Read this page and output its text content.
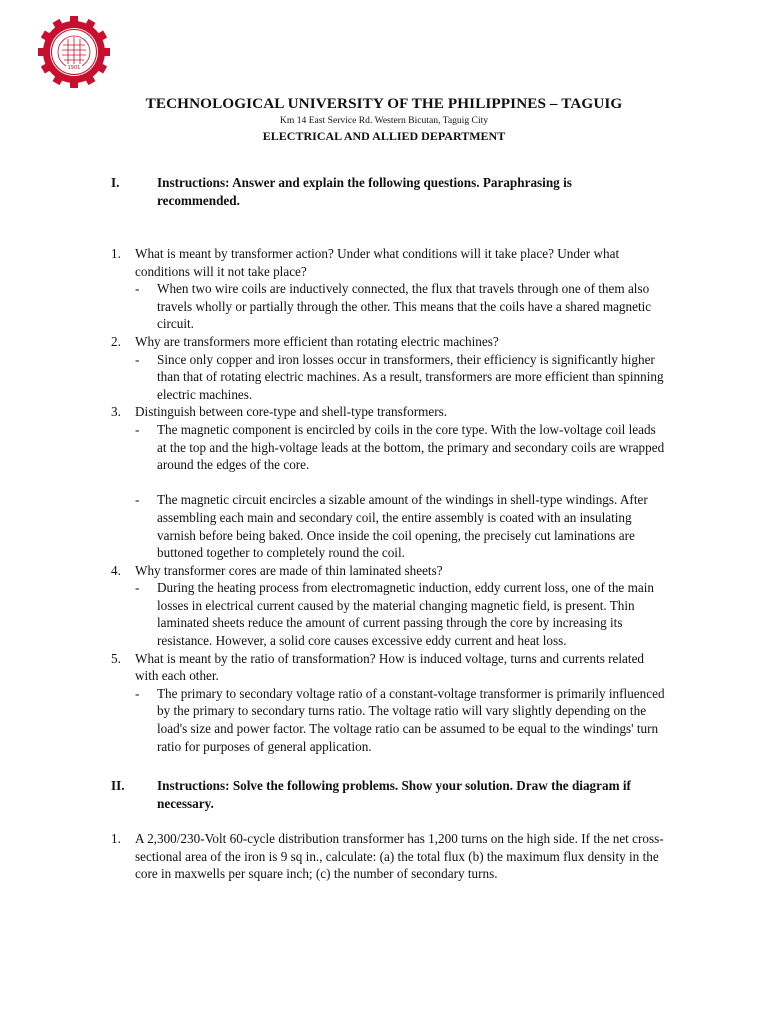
1901
TECHNOLOGICAL UNIVERSITY OF THE PHILIPPINES – TAGUIG
Km 14 East Service Rd. Western Bicutan, Taguig City
ELECTRICAL AND ALLIED DEPARTMENT
I.	Instructions: Answer and explain the following questions. Paraphrasing is recommended.
1. What is meant by transformer action? Under what conditions will it take place? Under what conditions will it not take place?
- When two wire coils are inductively connected, the flux that travels through one of them also travels wholly or partially through the other. This means that the coils have a shared magnetic circuit.
2. Why are transformers more efficient than rotating electric machines?
- Since only copper and iron losses occur in transformers, their efficiency is significantly higher than that of rotating electric machines. As a result, transformers are more efficient than spinning electric machines.
3. Distinguish between core-type and shell-type transformers.
- The magnetic component is encircled by coils in the core type. With the low-voltage coil leads at the top and the high-voltage leads at the bottom, the primary and secondary coils are wrapped around the edges of the core.
- The magnetic circuit encircles a sizable amount of the windings in shell-type windings. After assembling each main and secondary coil, the entire assembly is coated with an insulating varnish before being baked. Once inside the coil opening, the precisely cut laminations are buttoned together to completely round the coil.
4. Why transformer cores are made of thin laminated sheets?
- During the heating process from electromagnetic induction, eddy current loss, one of the main losses in electrical current caused by the material changing magnetic field, is present. Thin laminated sheets reduce the amount of current passing through the core by increasing its resistance. However, a solid core causes excessive eddy current and heat loss.
5. What is meant by the ratio of transformation? How is induced voltage, turns and currents related with each other.
- The primary to secondary voltage ratio of a constant-voltage transformer is primarily influenced by the primary to secondary turns ratio. The voltage ratio will vary slightly depending on the load's size and power factor. The voltage ratio can be assumed to be equal to the windings' turn ratio for purposes of general application.
II. Instructions: Solve the following problems. Show your solution. Draw the diagram if necessary.
1. A 2,300/230-Volt 60-cycle distribution transformer has 1,200 turns on the high side. If the net cross-sectional area of the iron is 9 sq in., calculate: (a) the total flux (b) the maximum flux density in the core in maxwells per square inch; (c) the number of secondary turns.
